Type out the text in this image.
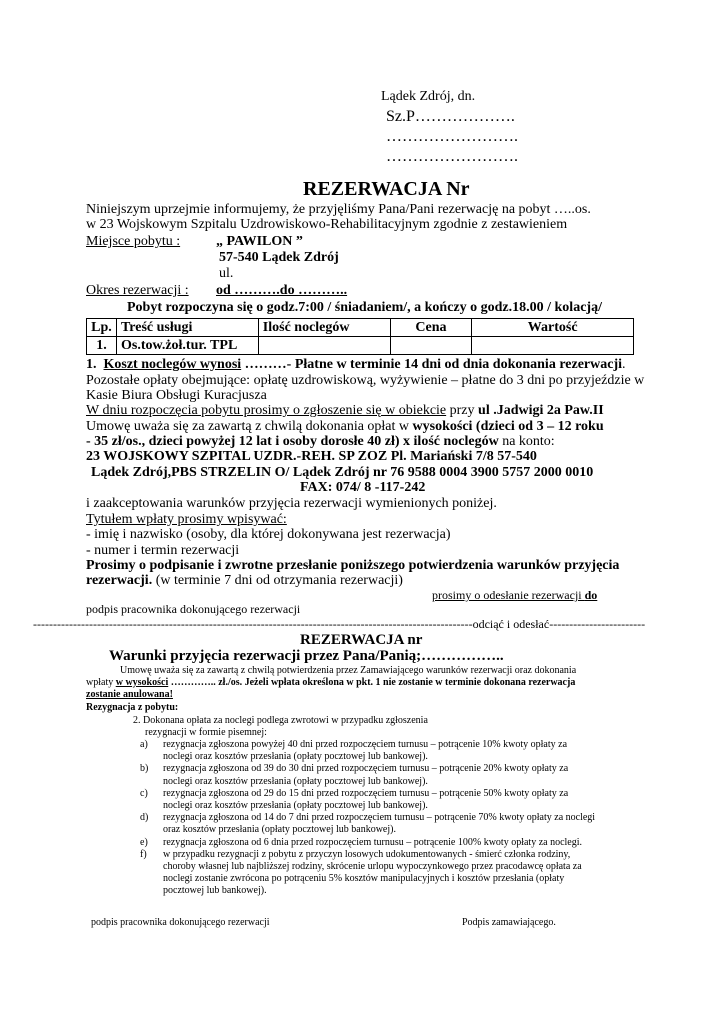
Lądek Zdrój, dn.
Sz.P……………….
…………………….
…………………….
REZERWACJA Nr
Niniejszym uprzejmie informujemy, że przyjęliśmy Pana/Pani rezerwację na pobyt …..os.
w 23 Wojskowym Szpitalu Uzdrowiskowo-Rehabilitacyjnym zgodnie z zestawieniem
Miejsce pobytu :	„ PAWILON ”
57-540 Lądek Zdrój
ul.
Okres rezerwacji : od ……….do ………..
Pobyt rozpoczyna się o godz.7:00 / śniadaniem/, a kończy o godz.18.00 / kolacją/
Lp.	Treść usługi	Ilość noclegów	Cena	Wartość
1.	Os.tow.żoł.tur. TPL			
1. Koszt noclegów wynosi ………- Płatne w terminie 14 dni od dnia dokonania rezerwacji.
Pozostałe opłaty obejmujące: opłatę uzdrowiskową, wyżywienie – płatne do 3 dni po przyjeździe w
Kasie Biura Obsługi Kuracjusza
W dniu rozpoczęcia pobytu prosimy o zgłoszenie się w obiekcie przy ul .Jadwigi 2a Paw.II
Umowę uważa się za zawartą z chwilą dokonania opłat w wysokości (dzieci od 3 – 12 roku
- 35 zł/os., dzieci powyżej 12 lat i osoby dorosłe 40 zł) x ilość noclegów na konto:
23 WOJSKOWY SZPITAL UZDR.-REH. SP ZOZ Pl. Mariański 7/8 57-540
Lądek Zdrój,PBS STRZELIN O/ Lądek Zdrój nr 76 9588 0004 3900 5757 2000 0010
FAX: 074/ 8 -117-242
i zaakceptowania warunków przyjęcia rezerwacji wymienionych poniżej.
Tytułem wpłaty prosimy wpisywać:
- imię i nazwisko (osoby, dla której dokonywana jest rezerwacja)
- numer i termin rezerwacji
Prosimy o podpisanie i zwrotne przesłanie poniższego potwierdzenia warunków przyjęcia
rezerwacji. (w terminie 7 dni od otrzymania rezerwacji)
prosimy o odesłanie rezerwacji do
podpis pracownika dokonującego rezerwacji
--------------------------------------------------------------------------------------------------------------odciąć i odesłać------------------------
REZERWACJA nr
Warunki przyjęcia rezerwacji przez Pana/Panią;……………..
Umowę uważa się za zawartą z chwilą potwierdzenia przez Zamawiającego warunków rezerwacji oraz dokonania
wpłaty w wysokości ………….. zł./os. Jeżeli wpłata określona w pkt. 1 nie zostanie w terminie dokonana rezerwacja
zostanie anulowana!
Rezygnacja z pobytu:
2. Dokonana opłata za noclegi podlega zwrotowi w przypadku zgłoszenia
rezygnacji w formie pisemnej:
a) rezygnacja zgłoszona powyżej 40 dni przed rozpoczęciem turnusu – potrącenie 10% kwoty opłaty za
noclegi oraz kosztów przesłania (opłaty pocztowej lub bankowej).
b) rezygnacja zgłoszona od 39 do 30 dni przed rozpoczęciem turnusu – potrącenie 20% kwoty opłaty za
noclegi oraz kosztów przesłania (opłaty pocztowej lub bankowej).
c) rezygnacja zgłoszona od 29 do 15 dni przed rozpoczęciem turnusu – potrącenie 50% kwoty opłaty za
noclegi oraz kosztów przesłania (opłaty pocztowej lub bankowej).
d) rezygnacja zgłoszona od 14 do 7 dni przed rozpoczęciem turnusu – potrącenie 70% kwoty opłaty za noclegi
oraz kosztów przesłania (opłaty pocztowej lub bankowej).
e) rezygnacja zgłoszona od 6 dnia przed rozpoczęciem turnusu – potrącenie 100% kwoty opłaty za noclegi.
f) w przypadku rezygnacji z pobytu z przyczyn losowych udokumentowanych - śmierć członka rodziny,
choroby własnej lub najbliższej rodziny, skrócenie urlopu wypoczynkowego przez pracodawcę opłata za
noclegi zostanie zwrócona po potrąceniu 5% kosztów manipulacyjnych i kosztów przesłania (opłaty
pocztowej lub bankowej).
podpis pracownika dokonującego rezerwacji	Podpis zamawiającego.
